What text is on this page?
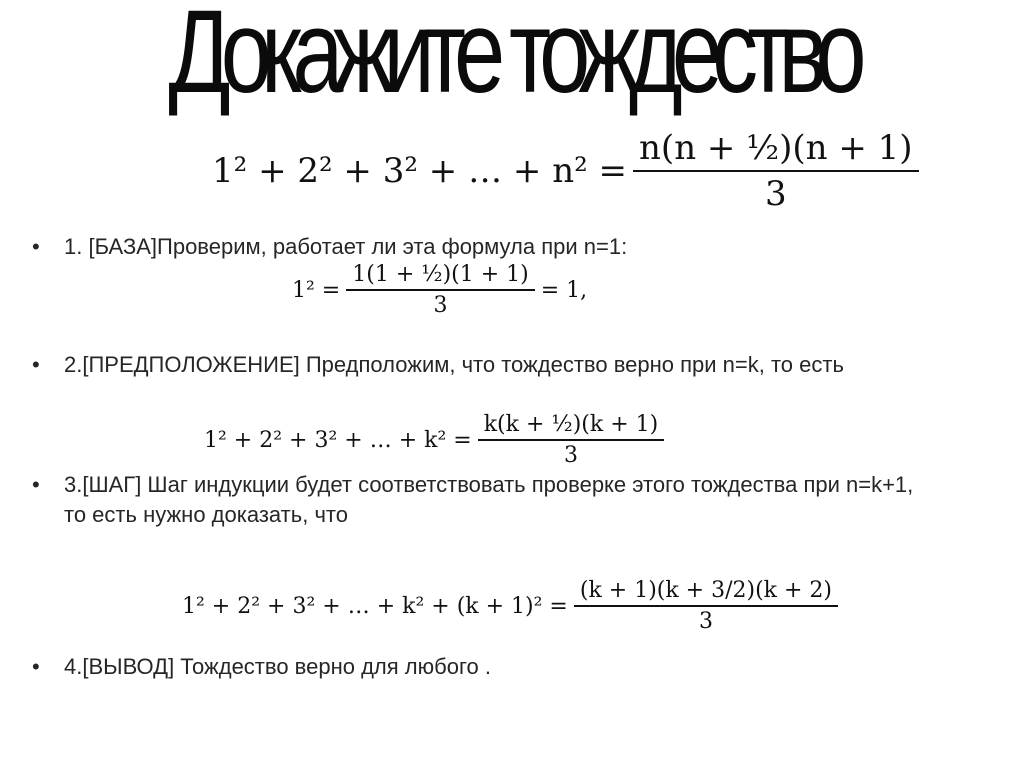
Докажите тождество
1² + 2² + 3² + … + $n^2 = \frac{\text{n(n + ½)(n + 1)}}{3}$
• 1. [БАЗА]Проверим, работает ли эта формула при n=1:
$1^2 = \frac{\text{1(1 + ½)(1 + 1)}}{3} = 1$,
• 2.[ПРЕДПОЛОЖЕНИЕ] Предположим, что тождество верно при n=k, то есть
1² + 2² + 3² + … + $k^2 = \frac{\text{k(k + ½)(k + 1)}}{3}$
• 3.[ШАГ] Шаг индукции будет соответствовать проверке этого тождества при n=k+1, то есть нужно доказать, что
1² + 2² + 3² + … + $k^2 + (k + 1)^2 = \frac{(k + 1)(k + 3/2)(k + 2)}{3}$
• 4.[ВЫВОД] Тождество верно для любого .
